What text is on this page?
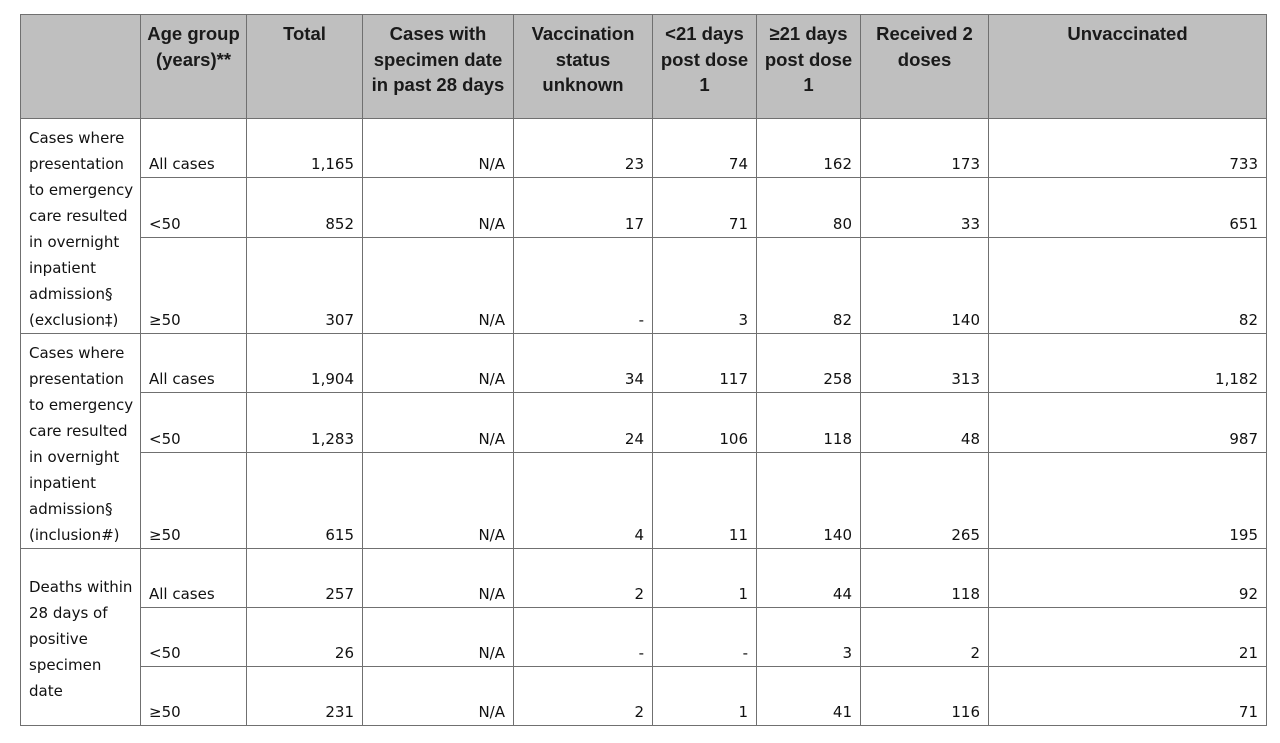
	Age group (years)**	Total	Cases with specimen date in past 28 days	Vaccination status unknown	<21 days post dose 1	≥21 days post dose 1	Received 2 doses	Unvaccinated
Cases where presentation to emergency care resulted in overnight inpatient admission§ (exclusion‡)	All cases	1,165	N/A	23	74	162	173	733
	<50	852	N/A	17	71	80	33	651
	≥50	307	N/A	-	3	82	140	82
Cases where presentation to emergency care resulted in overnight inpatient admission§ (inclusion#)	All cases	1,904	N/A	34	117	258	313	1,182
	<50	1,283	N/A	24	106	118	48	987
	≥50	615	N/A	4	11	140	265	195
Deaths within 28 days of positive specimen date	All cases	257	N/A	2	1	44	118	92
	<50	26	N/A	-	-	3	2	21
	≥50	231	N/A	2	1	41	116	71
